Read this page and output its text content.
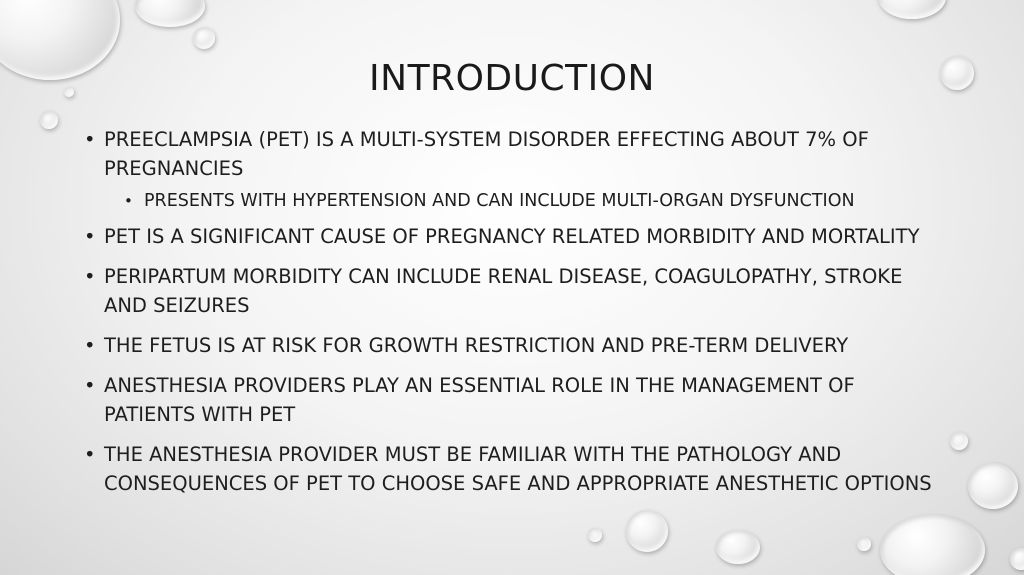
INTRODUCTION
• PREECLAMPSIA (PET) IS A MULTI-SYSTEM DISORDER EFFECTING ABOUT 7% OF PREGNANCIES
• PRESENTS WITH HYPERTENSION AND CAN INCLUDE MULTI-ORGAN DYSFUNCTION
• PET IS A SIGNIFICANT CAUSE OF PREGNANCY RELATED MORBIDITY AND MORTALITY
• PERIPARTUM MORBIDITY CAN INCLUDE RENAL DISEASE, COAGULOPATHY, STROKE AND SEIZURES
• THE FETUS IS AT RISK FOR GROWTH RESTRICTION AND PRE-TERM DELIVERY
• ANESTHESIA PROVIDERS PLAY AN ESSENTIAL ROLE IN THE MANAGEMENT OF PATIENTS WITH PET
• THE ANESTHESIA PROVIDER MUST BE FAMILIAR WITH THE PATHOLOGY AND CONSEQUENCES OF PET TO CHOOSE SAFE AND APPROPRIATE ANESTHETIC OPTIONS
